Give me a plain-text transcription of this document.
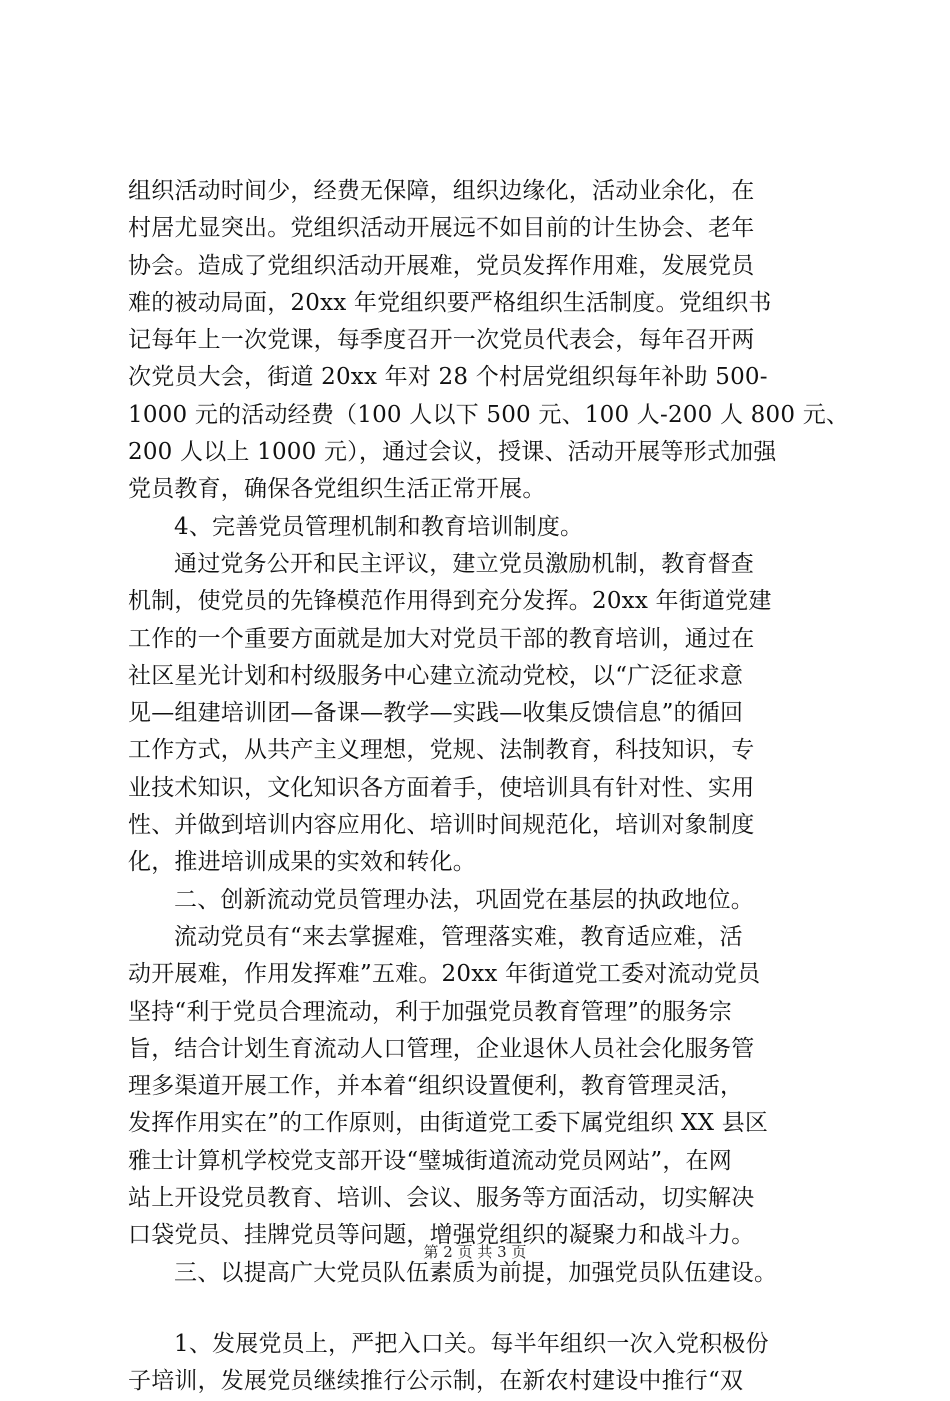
组织活动时间少，经费无保障，组织边缘化，活动业余化，在
村居尤显突出。党组织活动开展远不如目前的计生协会、老年
协会。造成了党组织活动开展难，党员发挥作用难，发展党员
难的被动局面，20xx 年党组织要严格组织生活制度。党组织书
记每年上一次党课，每季度召开一次党员代表会，每年召开两
次党员大会，街道 20xx 年对 28 个村居党组织每年补助 500-
1000 元的活动经费（100 人以下 500 元、100 人-200 人 800 元、
200 人以上 1000 元），通过会议，授课、活动开展等形式加强
党员教育，确保各党组织生活正常开展。
4、完善党员管理机制和教育培训制度。
通过党务公开和民主评议，建立党员激励机制，教育督查
机制，使党员的先锋模范作用得到充分发挥。20xx 年街道党建
工作的一个重要方面就是加大对党员干部的教育培训，通过在
社区星光计划和村级服务中心建立流动党校，以“广泛征求意
见—组建培训团—备课—教学—实践—收集反馈信息”的循回
工作方式，从共产主义理想，党规、法制教育，科技知识，专
业技术知识，文化知识各方面着手，使培训具有针对性、实用
性、并做到培训内容应用化、培训时间规范化，培训对象制度
化，推进培训成果的实效和转化。
二、创新流动党员管理办法，巩固党在基层的执政地位。
流动党员有“来去掌握难，管理落实难，教育适应难，活
动开展难，作用发挥难”五难。20xx 年街道党工委对流动党员
坚持“利于党员合理流动，利于加强党员教育管理”的服务宗
旨，结合计划生育流动人口管理，企业退休人员社会化服务管
理多渠道开展工作，并本着“组织设置便利，教育管理灵活，
发挥作用实在”的工作原则，由街道党工委下属党组织 XX 县区
雅士计算机学校党支部开设“璧城街道流动党员网站”，在网
站上开设党员教育、培训、会议、服务等方面活动，切实解决
口袋党员、挂牌党员等问题，增强党组织的凝聚力和战斗力。
三、以提高广大党员队伍素质为前提，加强党员队伍建设。
1、发展党员上，严把入口关。每半年组织一次入党积极份
子培训，发展党员继续推行公示制，在新农村建设中推行“双
第 2 页 共 3 页
